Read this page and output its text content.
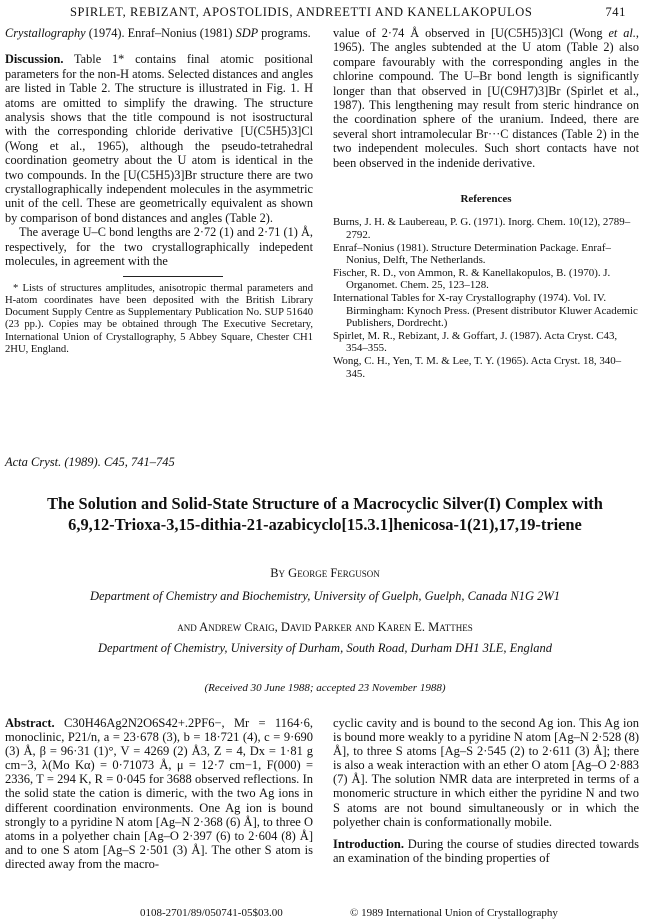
SPIRLET, REBIZANT, APOSTOLIDIS, ANDREETTI AND KANELLAKOPULOS	741

Crystallography (1974). Enraf–Nonius (1981) SDP programs.

Discussion. Table 1* contains final atomic positional parameters for the non-H atoms. Selected distances and angles are listed in Table 2. The structure is illustrated in Fig. 1. H atoms are omitted to simplify the drawing. The structure analysis shows that the title compound is not isostructural with the corresponding chloride derivative [U(C5H5)3]Cl (Wong et al., 1965), although the pseudo-tetrahedral coordination geometry about the U atom is identical in the two compounds. In the [U(C5H5)3]Br structure there are two crystallographically independent molecules in the asymmetric unit of the cell. These are geometrically equivalent as shown by comparison of bond distances and angles (Table 2).

The average U–C bond lengths are 2·72 (1) and 2·71 (1) Å, respectively, for the two crystallographically indepedent molecules, in agreement with the

* Lists of structures amplitudes, anisotropic thermal parameters and H-atom coordinates have been deposited with the British Library Document Supply Centre as Supplementary Publication No. SUP 51640 (23 pp.). Copies may be obtained through The Executive Secretary, International Union of Crystallography, 5 Abbey Square, Chester CH1 2HU, England.

value of 2·74 Å observed in [U(C5H5)3]Cl (Wong et al., 1965). The angles subtended at the U atom (Table 2) also compare favourably with the corresponding angles in the chlorine compound. The U–Br bond length is significantly longer than that observed in [U(C9H7)3]Br (Spirlet et al., 1987). This lengthening may result from steric hindrance on the coordination sphere of the uranium. Indeed, there are several short intramolecular Br···C distances (Table 2) in the two independent molecules. Such short contacts have not been observed in the indenide derivative.

References

Burns, J. H. & Laubereau, P. G. (1971). Inorg. Chem. 10(12), 2789–2792.

Enraf–Nonius (1981). Structure Determination Package. Enraf–Nonius, Delft, The Netherlands.

Fischer, R. D., von Ammon, R. & Kanellakopulos, B. (1970). J. Organomet. Chem. 25, 123–128.

International Tables for X-ray Crystallography (1974). Vol. IV. Birmingham: Kynoch Press. (Present distributor Kluwer Academic Publishers, Dordrecht.)

Spirlet, M. R., Rebizant, J. & Goffart, J. (1987). Acta Cryst. C43, 354–355.

Wong, C. H., Yen, T. M. & Lee, T. Y. (1965). Acta Cryst. 18, 340–345.

Acta Cryst. (1989). C45, 741–745
The Solution and Solid-State Structure of a Macrocyclic Silver(I) Complex with
6,9,12-Trioxa-3,15-dithia-21-azabicyclo[15.3.1]henicosa-1(21),17,19-triene
By George Ferguson
Department of Chemistry and Biochemistry, University of Guelph, Guelph, Canada N1G 2W1
and Andrew Craig, David Parker and Karen E. Matthes
Department of Chemistry, University of Durham, South Road, Durham DH1 3LE, England
(Received 30 June 1988; accepted 23 November 1988)

Abstract. C30H46Ag2N2O6S42+.2PF6−, Mr = 1164·6, monoclinic, P21/n, a = 23·678 (3), b = 18·721 (4), c = 9·690 (3) Å, β = 96·31 (1)°, V = 4269 (2) Å3, Z = 4, Dx = 1·81 g cm−3, λ(Mo Kα) = 0·71073 Å, μ = 12·7 cm−1, F(000) = 2336, T = 294 K, R = 0·045 for 3688 observed reflections. In the solid state the cation is dimeric, with the two Ag ions in different coordination environments. One Ag ion is bound strongly to a pyridine N atom [Ag–N 2·368 (6) Å], to three O atoms in a polyether chain [Ag–O 2·397 (6) to 2·604 (8) Å] and to one S atom [Ag–S 2·501 (3) Å]. The other S atom is directed away from the macro-

cyclic cavity and is bound to the second Ag ion. This Ag ion is bound more weakly to a pyridine N atom [Ag–N 2·528 (8) Å], to three S atoms [Ag–S 2·545 (2) to 2·611 (3) Å]; there is also a weak interaction with an ether O atom [Ag–O 2·883 (7) Å]. The solution NMR data are interpreted in terms of a monomeric structure in which either the pyridine N and two S atoms are not bound simultaneously or in which the polyether chain is conformationally mobile.

Introduction. During the course of studies directed towards an examination of the binding properties of

0108-2701/89/050741-05$03.00	© 1989 International Union of Crystallography
